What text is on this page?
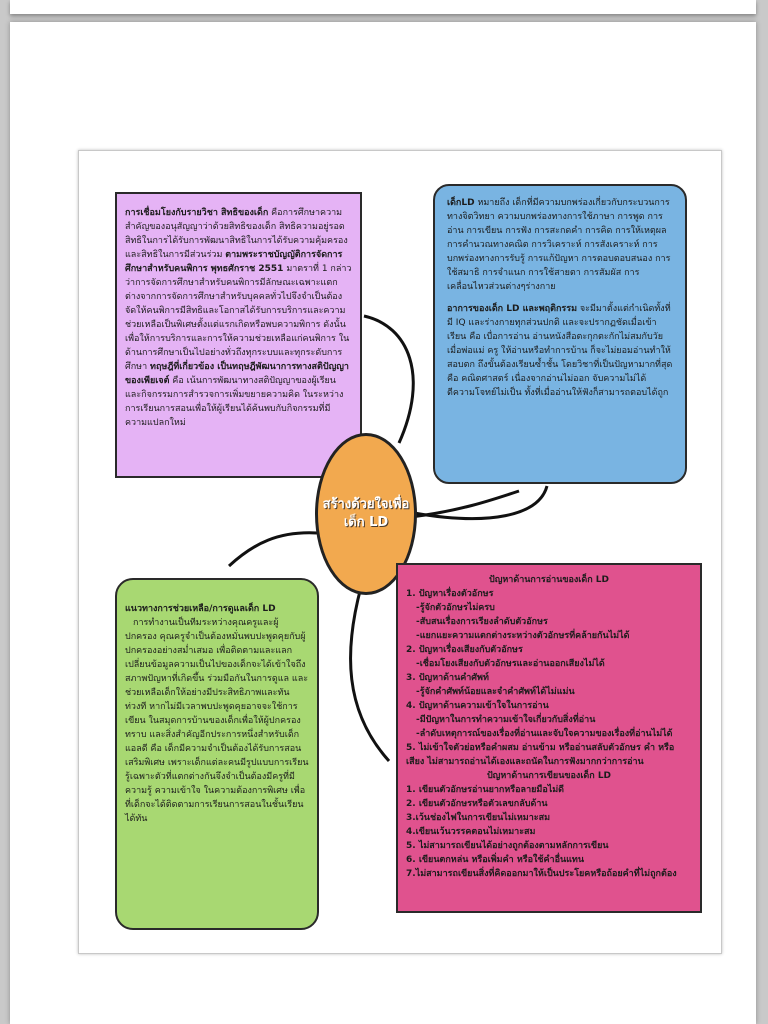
การเชื่อมโยงกับรายวิชา สิทธิของเด็ก คือการศึกษาความสำคัญของอนุสัญญาว่าด้วยสิทธิของเด็ก สิทธิความอยู่รอด สิทธิในการได้รับการพัฒนาสิทธิในการได้รับความคุ้มครอง และสิทธิในการมีส่วนร่วม ตามพระราชบัญญัติการจัดการศึกษาสำหรับคนพิการ พุทธศักราช 2551 มาตราที่ 1 กล่าวว่าการจัดการศึกษาสำหรับคนพิการมีลักษณะเฉพาะแตกต่างจากการจัดการศึกษาสำหรับบุคคลทั่วไปจึงจำเป็นต้องจัดให้คนพิการมีสิทธิและโอกาสได้รับการบริการและความช่วยเหลือเป็นพิเศษตั้งแต่แรกเกิดหรือพบความพิการ ดังนั้นเพื่อให้การบริการและการให้ความช่วยเหลือแก่คนพิการ ในด้านการศึกษาเป็นไปอย่างทั่วถึงทุกระบบและทุกระดับการศึกษา ทฤษฎีที่เกี่ยวข้อง เป็นทฤษฎีพัฒนาการทางสติปัญญาของเพียเจต์ คือ เน้นการพัฒนาทางสติปัญญาของผู้เรียนและกิจกรรมการสำรวจการเพิ่มขยายความคิด ในระหว่างการเรียนการสอนเพื่อให้ผู้เรียนได้ค้นพบกับกิจกรรมที่มีความแปลกใหม่

เด็กLD หมายถึง เด็กที่มีความบกพร่องเกี่ยวกับกระบวนการทางจิตวิทยา ความบกพร่องทางการใช้ภาษา การพูด การอ่าน การเขียน การฟัง การสะกดคำ การคิด การให้เหตุผล การคำนวณทางคณิต การวิเคราะห์ การสังเคราะห์ การบกพร่องทางการรับรู้ การแก้ปัญหา การตอบตอบสนอง การใช้สมาธิ การจำแนก การใช้สายตา การสัมผัส การเคลื่อนไหวส่วนต่างๆร่างกาย

อาการของเด็ก LD และพฤติกรรม จะมีมาตั้งแต่กำเนิดทั้งที่มี IQ และร่างกายทุกส่วนปกติ และจะปรากฏชัดเมื่อเข้าเรียน คือ เบื่อการอ่าน อ่านหนังสือตะกุกตะกักไม่สมกับวัย เมื่อพ่อแม่ ครู ให้อ่านหรือทำการบ้าน ก็จะไม่ยอมอ่านทำให้สอบตก ถึงขั้นต้องเรียนซ้ำชั้น โดยวิชาที่เป็นปัญหามากที่สุด คือ คณิตศาสตร์ เนื่องจากอ่านไม่ออก จับความไม่ได้ ตีความโจทย์ไม่เป็น ทั้งที่เมื่ออ่านให้ฟังก็สามารถตอบได้ถูก

สร้างด้วยใจเพื่อ
เด็ก LD

แนวทางการช่วยเหลือ/การดูแลเด็ก LD

การทำงานเป็นทีมระหว่างคุณครูและผู้ปกครอง คุณครูจำเป็นต้องหมั่นพบปะพูดคุยกับผู้ปกครองอย่างสม่ำเสมอ เพื่อติดตามและแลกเปลี่ยนข้อมูลความเป็นไปของเด็กจะได้เข้าใจถึงสภาพปัญหาที่เกิดขึ้น ร่วมมือกันในการดูแล และช่วยเหลือเด็กให้อย่างมีประสิทธิภาพและทันท่วงที หากไม่มีเวลาพบปะพูดคุยอาจจะใช้การเขียน ในสมุดการบ้านของเด็กเพื่อให้ผู้ปกครองทราบ และสิ่งสำคัญอีกประการหนึ่งสำหรับเด็กแอลดี คือ เด็กมีความจำเป็นต้องได้รับการสอนเสริมพิเศษ เพราะเด็กแต่ละคนมีรูปแบบการเรียนรู้เฉพาะตัวที่แตกต่างกันจึงจำเป็นต้องมีครูที่มีความรู้ ความเข้าใจ ในความต้องการพิเศษ เพื่อที่เด็กจะได้ติดตามการเรียนการสอนในชั้นเรียนได้ทัน

ปัญหาด้านการอ่านของเด็ก LD

1. ปัญหาเรื่องตัวอักษร

-รู้จักตัวอักษรไม่ครบ

-สับสนเรื่องการเรียงลำดับตัวอักษร

-แยกแยะความแตกต่างระหว่างตัวอักษรที่คล้ายกันไม่ได้

2. ปัญหาเรื่องเสียงกับตัวอักษร

-เชื่อมโยงเสียงกับตัวอักษรและอ่านออกเสียงไม่ได้

3. ปัญหาด้านคำศัพท์

-รู้จักคำศัพท์น้อยและจำคำศัพท์ได้ไม่แม่น

4. ปัญหาด้านความเข้าใจในการอ่าน

-มีปัญหาในการทำความเข้าใจเกี่ยวกับสิ่งที่อ่าน

-ลำดับเหตุการณ์ของเรื่องที่อ่านและจับใจความของเรื่องที่อ่านไม่ได้

5. ไม่เข้าใจตัวย่อหรือคำผสม อ่านข้าม หรืออ่านสลับตัวอักษร คำ หรือเสียง ไม่สามารถอ่านได้เองและถนัดในการฟังมากกว่าการอ่าน

ปัญหาด้านการเขียนของเด็ก LD

1. เขียนตัวอักษรอ่านยากหรือลายมือไม่ดี

2. เขียนตัวอักษรหรือตัวเลขกลับด้าน

3.เว้นช่องไฟในการเขียนไม่เหมาะสม

4.เขียนเว้นวรรคตอนไม่เหมาะสม

5. ไม่สามารถเขียนได้อย่างถูกต้องตามหลักการเขียน

6. เขียนตกหล่น หรือเพิ่มคำ หรือใช้คำอื่นแทน

7.ไม่สามารถเขียนสิ่งที่คิดออกมาให้เป็นประโยคหรือถ้อยคำที่ไม่ถูกต้อง
